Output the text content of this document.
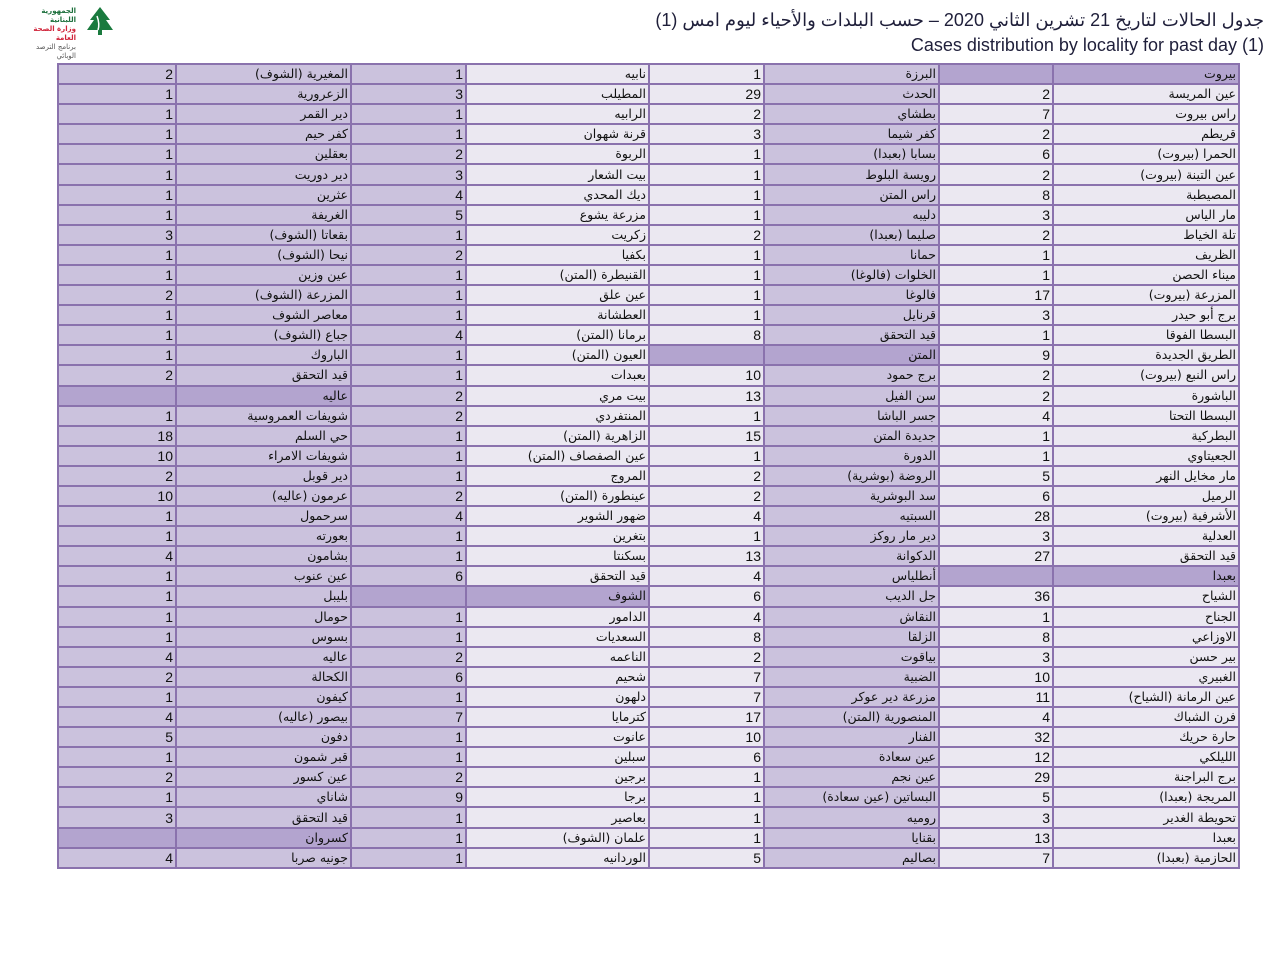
الجمهورية اللبنانية
وزارة الصحة العامة
برنامج الترصد الوبائي
جدول الحالات لتاريخ 21 تشرين الثاني 2020 – حسب البلدات والأحياء ليوم امس (1)
Cases distribution by locality for past day (1)
2	المغيرية (الشوف)	1	نابيه	1	البرزة		بيروت
1	الزعرورية	3	المطيلب	29	الحدث	2	عين المريسة
1	دير القمر	1	الرابيه	2	بطشاي	7	راس بيروت
1	كفر حيم	1	قرنة شهوان	3	كفر شيما	2	قريطم
1	بعقلين	2	الربوة	1	بسابا (بعبدا)	6	الحمرا (بيروت)
1	دير دوريت	3	بيت الشعار	1	رويسة البلوط	2	عين التينة (بيروت)
1	عثرين	4	ديك المحدي	1	راس المتن	8	المصيطبة
1	الغريفة	5	مزرعة يشوع	1	دليبه	3	مار الياس
3	بقعاتا (الشوف)	1	زكريت	2	صليما (بعبدا)	2	تلة الخياط
1	نيحا (الشوف)	2	بكفيا	1	حمانا	1	الظريف
1	عين وزين	1	القنيطرة (المتن)	1	الخلوات (فالوغا)	1	ميناء الحصن
2	المزرعة (الشوف)	1	عين علق	1	فالوغا	17	المزرعة (بيروت)
1	معاصر الشوف	1	العطشانة	1	قرنايل	3	برج أبو حيدر
1	جباع (الشوف)	4	برمانا (المتن)	8	قيد التحقق	1	البسطا الفوقا
1	الباروك	1	العيون (المتن)		المتن	9	الطريق الجديدة
2	قيد التحقق	1	بعبدات	10	برج حمود	2	راس النبع (بيروت)
	عاليه	2	بيت مري	13	سن الفيل	2	الباشورة
1	شويفات العمروسية	2	المنتفردي	1	جسر الباشا	4	البسطا التحتا
18	حي السلم	1	الزاهرية (المتن)	15	جديدة المتن	1	البطركية
10	شويفات الامراء	1	عين الصفصاف (المتن)	1	الدورة	1	الجعيتاوي
2	دير قوبل	1	المروج	2	الروضة (بوشرية)	5	مار مخايل النهر
10	عرمون (عاليه)	2	عينطورة (المتن)	2	سد البوشرية	6	الرميل
1	سرحمول	4	ضهور الشوير	4	السبتيه	28	الأشرفية (بيروت)
1	بعورته	1	بتغرين	1	دير مار روكز	3	العدلية
4	بشامون	1	بسكنتا	13	الدكوانة	27	قيد التحقق
1	عين عنوب	6	قيد التحقق	4	أنطلياس		بعبدا
1	بليبل		الشوف	6	جل الديب	36	الشياح
1	حومال	1	الدامور	4	النقاش	1	الجناح
1	بسوس	1	السعديات	8	الزلقا	8	الاوزاعي
4	عاليه	2	الناعمه	2	بياقوت	3	بير حسن
2	الكحالة	6	شحيم	7	الضبية	10	الغبيري
1	كيفون	1	دلهون	7	مزرعة دير عوكر	11	عين الرمانة (الشياح)
4	بيصور (عاليه)	7	كترمايا	17	المنصورية (المتن)	4	فرن الشباك
5	دفون	1	عانوت	10	الفنار	32	حارة حريك
1	قبر شمون	1	سبلين	6	عين سعادة	12	الليلكي
2	عين كسور	2	برجين	1	عين نجم	29	برج البراجنة
1	شاناي	9	برجا	1	البساتين (عين سعادة)	5	المريجة (بعبدا)
3	قيد التحقق	1	بعاصير	1	روميه	3	تحويطة الغدير
	كسروان	1	علمان (الشوف)	1	بقنايا	13	بعبدا
4	جونيه صربا	1	الوردانيه	5	بصاليم	7	الحازمية (بعبدا)
